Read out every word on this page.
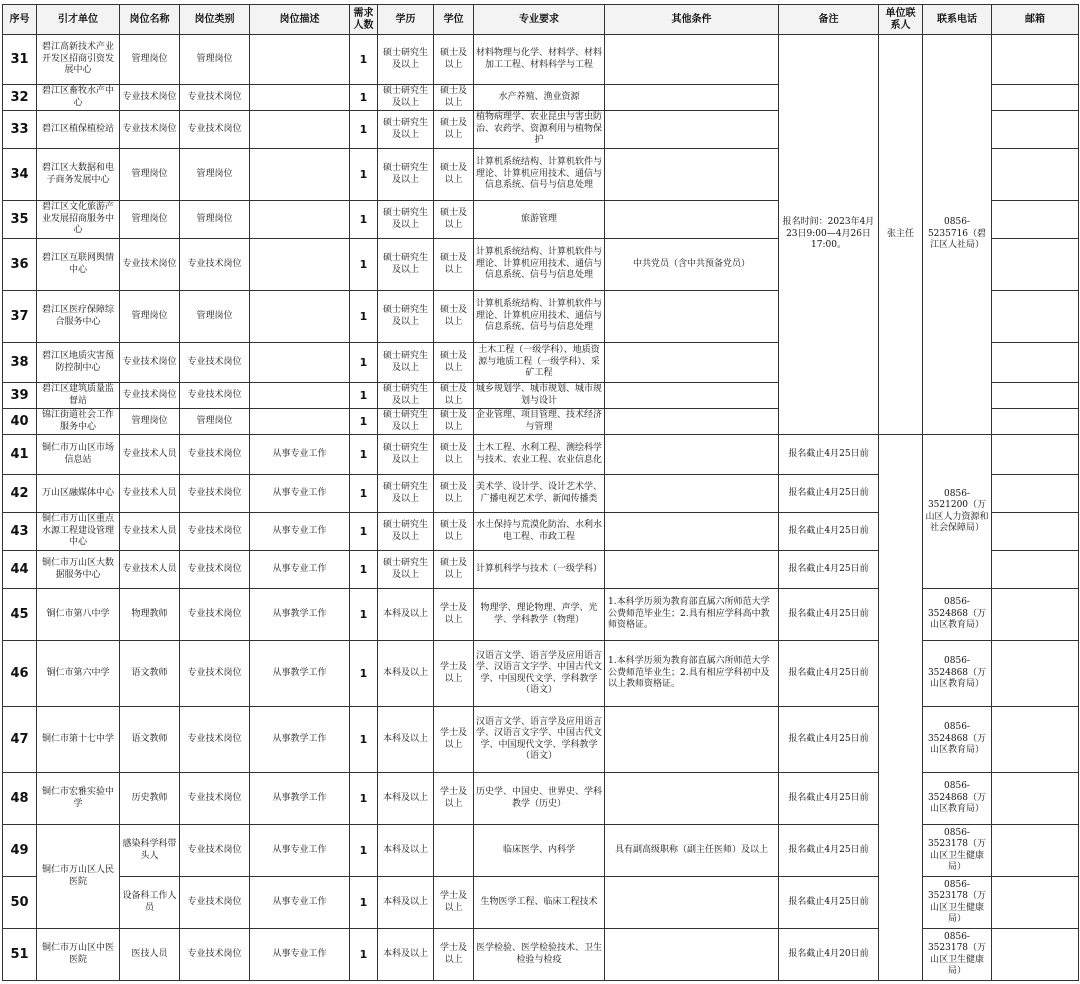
序号	引才单位	岗位名称	岗位类别	岗位描述	需求人数	学历	学位	专业要求	其他条件	备注	单位联系人	联系电话	邮箱
31	碧江高新技术产业开发区招商引资发展中心	管理岗位	管理岗位		1	硕士研究生及以上	硕士及以上	材料物理与化学、材料学、材料加工工程、材料科学与工程		报名时间：2023年4月23日9:00—4月26日17:00。	张主任	0856-5235716（碧江区人社局）	
32	碧江区畜牧水产中心	专业技术岗位	专业技术岗位		1	硕士研究生及以上	硕士及以上	水产养殖、渔业资源					
33	碧江区植保植检站	专业技术岗位	专业技术岗位		1	硕士研究生及以上	硕士及以上	植物病理学、农业昆虫与害虫防治、农药学、资源利用与植物保护					
34	碧江区大数据和电子商务发展中心	管理岗位	管理岗位		1	硕士研究生及以上	硕士及以上	计算机系统结构、计算机软件与理论、计算机应用技术、通信与信息系统、信号与信息处理					
35	碧江区文化旅游产业发展招商服务中心	管理岗位	管理岗位		1	硕士研究生及以上	硕士及以上	旅游管理					
36	碧江区互联网舆情中心	专业技术岗位	专业技术岗位		1	硕士研究生及以上	硕士及以上	计算机系统结构、计算机软件与理论、计算机应用技术、通信与信息系统、信号与信息处理	中共党员（含中共预备党员）				
37	碧江区医疗保障综合服务中心	管理岗位	管理岗位		1	硕士研究生及以上	硕士及以上	计算机系统结构、计算机软件与理论、计算机应用技术、通信与信息系统、信号与信息处理					
38	碧江区地质灾害预防控制中心	专业技术岗位	专业技术岗位		1	硕士研究生及以上	硕士及以上	土木工程（一级学科）、地质资源与地质工程（一级学科）、采矿工程					
39	碧江区建筑质量监督站	专业技术岗位	专业技术岗位		1	硕士研究生及以上	硕士及以上	城乡规划学、城市规划、城市规划与设计					
40	锦江街道社会工作服务中心	管理岗位	管理岗位		1	硕士研究生及以上	硕士及以上	企业管理、项目管理、技术经济与管理					
41	铜仁市万山区市场信息站	专业技术人员	专业技术岗位	从事专业工作	1	硕士研究生及以上	硕士及以上	土木工程、水利工程、测绘科学与技术、农业工程、农业信息化		报名截止4月25日前		0856-3521200（万山区人力资源和社会保障局）	
42	万山区融媒体中心	专业技术人员	专业技术岗位	从事专业工作	1	硕士研究生及以上	硕士及以上	美术学、设计学、设计艺术学、广播电视艺术学、新闻传播类		报名截止4月25日前			
43	铜仁市万山区重点水源工程建设管理中心	专业技术人员	专业技术岗位	从事专业工作	1	硕士研究生及以上	硕士及以上	水土保持与荒漠化防治、水利水电工程、市政工程		报名截止4月25日前			
44	铜仁市万山区大数据服务中心	专业技术人员	专业技术岗位	从事专业工作	1	硕士研究生及以上	硕士及以上	计算机科学与技术（一级学科）		报名截止4月25日前			
45	铜仁市第八中学	物理教师	专业技术岗位	从事教学工作	1	本科及以上	学士及以上	物理学、理论物理、声学、光学、学科教学（物理）	1.本科学历须为教育部直属六所师范大学公费师范毕业生；2.具有相应学科高中教师资格证。	报名截止4月25日前		0856-3524868（万山区教育局）	
46	铜仁市第六中学	语文教师	专业技术岗位	从事教学工作	1	本科及以上	学士及以上	汉语言文学、语言学及应用语言学、汉语言文字学、中国古代文学、中国现代文学、学科教学（语文）	1.本科学历须为教育部直属六所师范大学公费师范毕业生；2.具有相应学科初中及以上教师资格证。	报名截止4月25日前		0856-3524868（万山区教育局）	
47	铜仁市第十七中学	语文教师	专业技术岗位	从事教学工作	1	本科及以上	学士及以上	汉语言文学、语言学及应用语言学、汉语言文字学、中国古代文学、中国现代文学、学科教学（语文）		报名截止4月25日前		0856-3524868（万山区教育局）	
48	铜仁市宏雅实验中学	历史教师	专业技术岗位	从事教学工作	1	本科及以上	学士及以上	历史学、中国史、世界史、学科教学（历史）		报名截止4月25日前		0856-3524868（万山区教育局）	
49	铜仁市万山区人民医院	感染科学科带头人	专业技术岗位	从事专业工作	1	本科及以上		临床医学、内科学	具有副高级职称（副主任医师）及以上	报名截止4月25日前		0856-3523178（万山区卫生健康局）	
50		设备科工作人员	专业技术岗位	从事专业工作	1	本科及以上	学士及以上	生物医学工程、临床工程技术		报名截止4月25日前		0856-3523178（万山区卫生健康局）	
51	铜仁市万山区中医医院	医技人员	专业技术岗位	从事专业工作	1	本科及以上	学士及以上	医学检验、医学检验技术、卫生检验与检疫		报名截止4月20日前		0856-3523178（万山区卫生健康局）	
